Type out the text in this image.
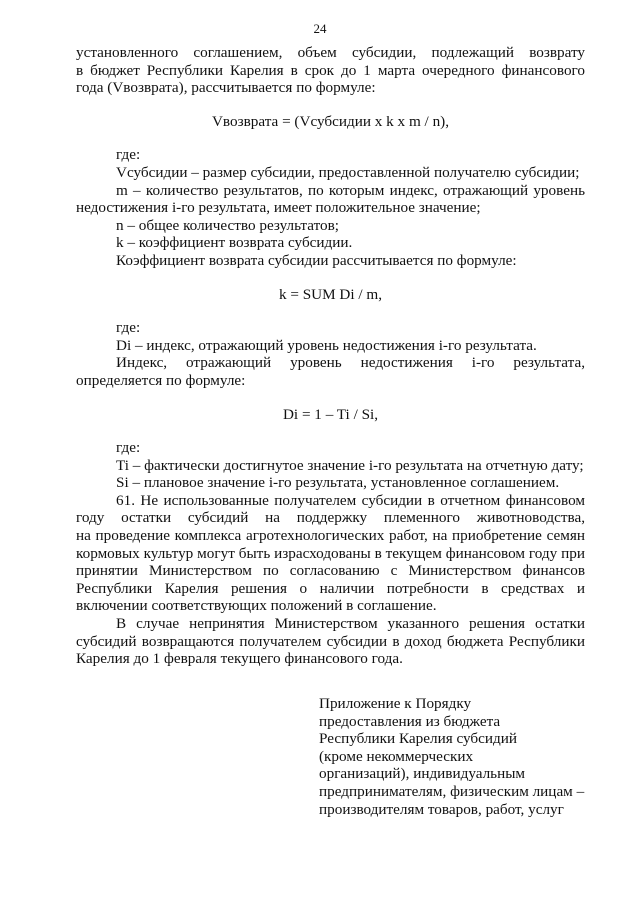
24

установленного соглашением, объем субсидии, подлежащий возврату

в бюджет Республики Карелия в срок до 1 марта очередного финансового

года (Vвозврата), рассчитывается по формуле:

Vвозврата = (Vсубсидии x k x m / n),

где:

Vсубсидии – размер субсидии, предоставленной получателю субсидии;

m – количество результатов, по которым индекс, отражающий уровень

недостижения i-го результата, имеет положительное значение;

n – общее количество результатов;

k – коэффициент возврата субсидии.

Коэффициент возврата субсидии рассчитывается по формуле:

k = SUM Di / m,

где:

Di – индекс, отражающий уровень недостижения i-го результата.

Индекс, отражающий уровень недостижения i-го результата,

определяется по формуле:

Di = 1 – Ti / Si,

где:

Ti – фактически достигнутое значение i-го результата на отчетную дату;

Si – плановое значение i-го результата, установленное соглашением.

61. Не использованные получателем субсидии в отчетном финансовом

году остатки субсидий на поддержку племенного животноводства,

на проведение комплекса агротехнологических работ, на приобретение семян

кормовых культур могут быть израсходованы в текущем финансовом году при

принятии Министерством по согласованию с Министерством финансов

Республики Карелия решения о наличии потребности в средствах и

включении соответствующих положений в соглашение.

В случае непринятия Министерством указанного решения остатки

субсидий возвращаются получателем субсидии в доход бюджета Республики

Карелия до 1 февраля текущего финансового года.

Приложение к Порядку
предоставления из бюджета
Республики Карелия субсидий
(кроме некоммерческих
организаций), индивидуальным
предпринимателям, физическим лицам –
производителям товаров, работ, услуг
